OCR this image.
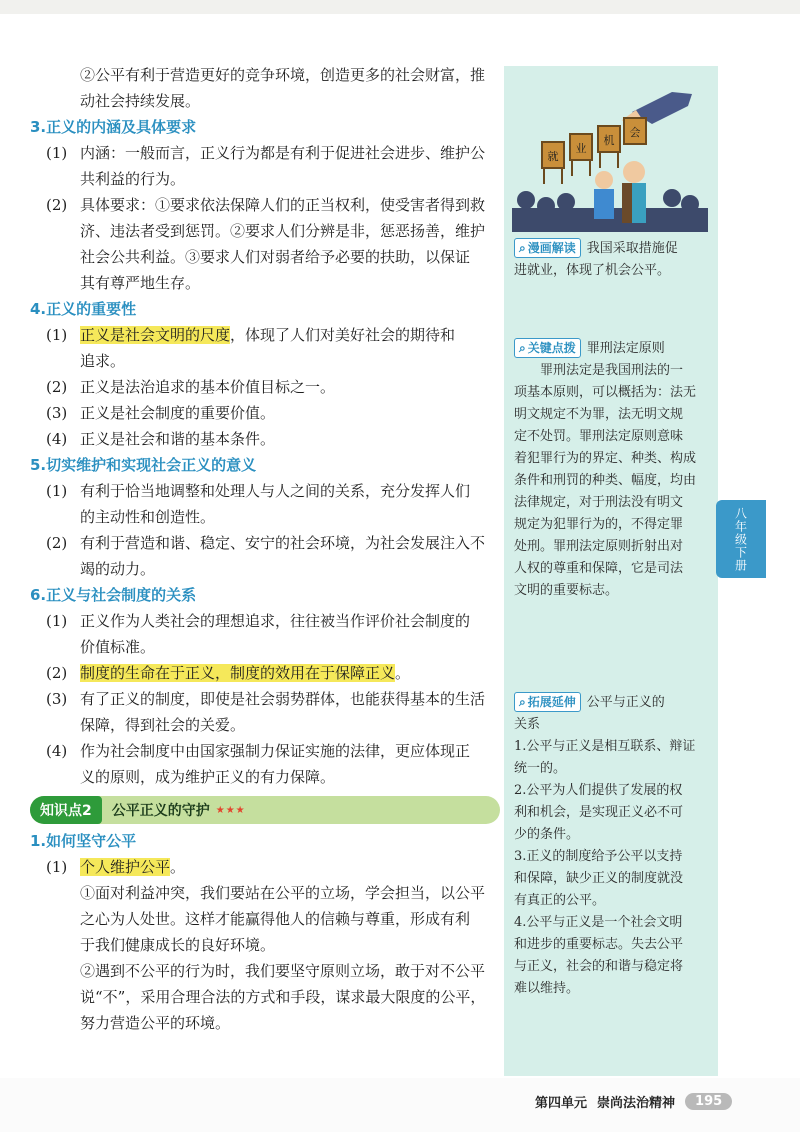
八年级下册
就
业
机
会
②公平有利于营造更好的竞争环境，创造更多的社会财富，推
动社会持续发展。
3.正义的内涵及具体要求
(1) 内涵：一般而言，正义行为都是有利于促进社会进步、维护公
共利益的行为。
(2) 具体要求：①要求依法保障人们的正当权利，使受害者得到救
济、违法者受到惩罚。②要求人们分辨是非，惩恶扬善，维护
社会公共利益。③要求人们对弱者给予必要的扶助，以保证
其有尊严地生存。
4.正义的重要性
(1) 正义是社会文明的尺度，体现了人们对美好社会的期待和
追求。
(2) 正义是法治追求的基本价值目标之一。
(3) 正义是社会制度的重要价值。
(4) 正义是社会和谐的基本条件。
5.切实维护和实现社会正义的意义
(1) 有利于恰当地调整和处理人与人之间的关系，充分发挥人们
的主动性和创造性。
(2) 有利于营造和谐、稳定、安宁的社会环境，为社会发展注入不
竭的动力。
6.正义与社会制度的关系
(1) 正义作为人类社会的理想追求，往往被当作评价社会制度的
价值标准。
(2) 制度的生命在于正义，制度的效用在于保障正义。
(3) 有了正义的制度，即使是社会弱势群体，也能获得基本的生活
保障，得到社会的关爱。
(4) 作为社会制度中由国家强制力保证实施的法律，更应体现正
义的原则，成为维护正义的有力保障。
知识点2	公平正义的守护 ★★★
1.如何坚守公平
(1) 个人维护公平。
①面对利益冲突，我们要站在公平的立场，学会担当，以公平
之心为人处世。这样才能赢得他人的信赖与尊重，形成有利
于我们健康成长的良好环境。
②遇到不公平的行为时，我们要坚守原则立场，敢于对不公平
说“不”，采用合理合法的方式和手段，谋求最大限度的公平，
努力营造公平的环境。
⌕ 漫画解读 我国采取措施促
进就业，体现了机会公平。
⌕ 关键点拨 罪刑法定原则
罪刑法定是我国刑法的一
项基本原则，可以概括为：法无
明文规定不为罪，法无明文规
定不处罚。罪刑法定原则意味
着犯罪行为的界定、种类、构成
条件和刑罚的种类、幅度，均由
法律规定，对于刑法没有明文
规定为犯罪行为的，不得定罪
处刑。罪刑法定原则折射出对
人权的尊重和保障，它是司法
文明的重要标志。
⌕ 拓展延伸 公平与正义的
关系
1.公平与正义是相互联系、辩证
统一的。
2.公平为人们提供了发展的权
利和机会，是实现正义必不可
少的条件。
3.正义的制度给予公平以支持
和保障，缺少正义的制度就没
有真正的公平。
4.公平与正义是一个社会文明
和进步的重要标志。失去公平
与正义，社会的和谐与稳定将
难以维持。
第四单元 崇尚法治精神	195
